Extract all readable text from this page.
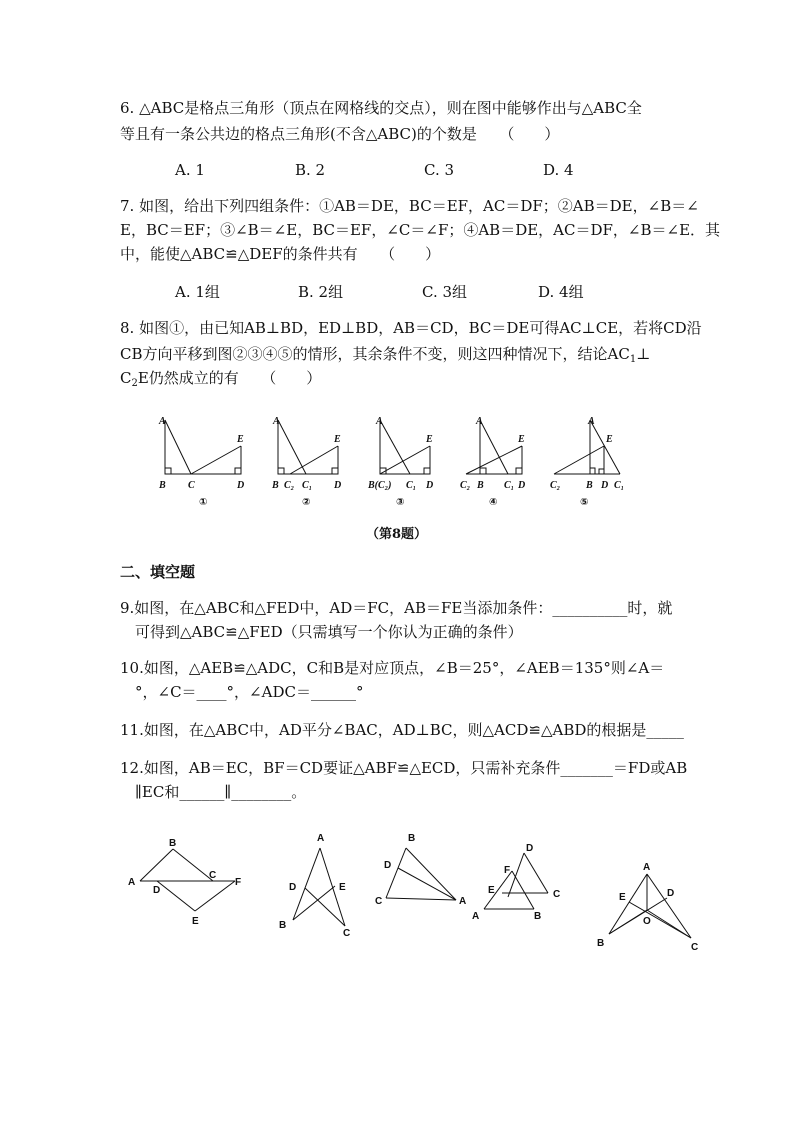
6. △ABC是格点三角形（顶点在网格线的交点），则在图中能够作出与△ABC全
等且有一条公共边的格点三角形(不含△ABC)的个数是　　（　　）
A. 1	B. 2	C. 3	D. 4
7. 如图，给出下列四组条件：①AB＝DE，BC＝EF，AC＝DF；②AB＝DE，∠B＝∠
E，BC＝EF；③∠B＝∠E，BC＝EF，∠C＝∠F；④AB＝DE，AC＝DF，∠B＝∠E．其
中，能使△ABC≌△DEF的条件共有　　（　　）
A. 1组	B. 2组	C. 3组	D. 4组
8. 如图①，由已知AB⊥BD，ED⊥BD，AB＝CD，BC＝DE可得AC⊥CE，若将CD沿
CB方向平移到图②③④⑤的情形，其余条件不变，则这四种情况下，结论$AC_1\perp$
$C_2E$仍然成立的有　　（　　）
A
B C	D
E
①
A
B C₂ C₁ D
E
②
A
B(C₂) C₁ D
E
③
A
C₂ B C₁ D
E
④
A
C₂	B D C₁
E
⑤
（第8题）
二、填空题
9.如图，在△ABC和△FED中，AD＝FC，AB＝FE当添加条件：__________时，就
可得到△ABC≌△FED（只需填写一个你认为正确的条件）
10.如图，△AEB≌△ADC，C和B是对应顶点，∠B＝25°，∠AEB＝135°则∠A＝
°，∠C＝____°，∠ADC＝______°
11.如图，在△ABC中，AD平分∠BAC，AD⊥BC，则△ACD≌△ABD的根据是_____
12.如图，AB＝EC，BF＝CD要证△ABF≌△ECD，只需补充条件_______＝FD或AB
∥EC和______∥________。
A
B
C
D
E
F
A
D	E
B
C
B
D
C	A
D
F
E	C
A	B
A
E	D
O
B	C
